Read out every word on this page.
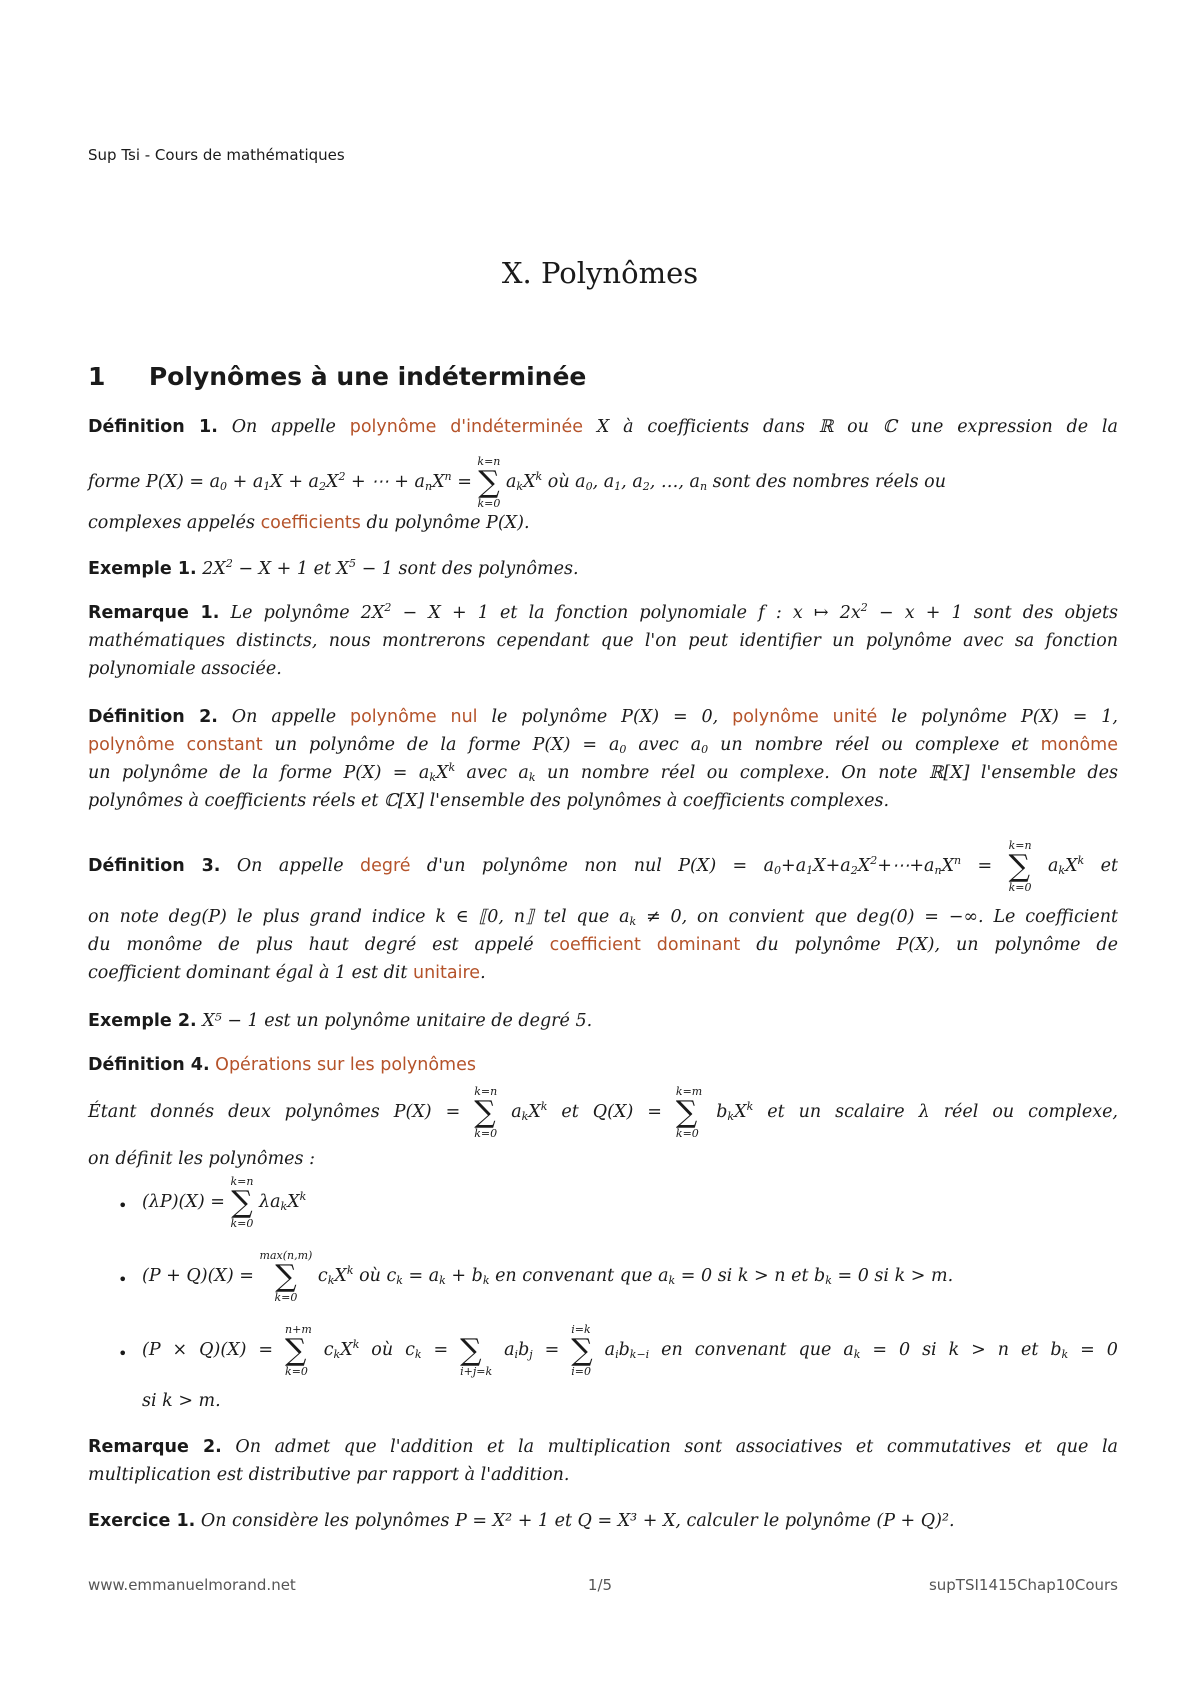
Sup Tsi - Cours de mathématiques
X. Polynômes
1 Polynômes à une indéterminée
Définition 1. On appelle polynôme d'indéterminée X à coefficients dans ℝ ou ℂ une expression de la
forme $P(X) = a_0 + a_1X + a_2X^2$ + ⋯ + $a_nX^n$ =
k=n
∑
k=0
$a_kX^k$ où $a_0$, $a_1$, $a_2$, …, $a_n$ sont des nombres réels ou
complexes appelés coefficients du polynôme P(X).
Exemple 1. $2X^2 - X + 1$ et $X^5 - 1$ sont des polynômes.
Remarque 1. Le polynôme $2X^2 - X + 1$ et la fonction polynomiale f : x ↦ $2x^2 - x + 1$ sont des objets
mathématiques distincts, nous montrerons cependant que l'on peut identifier un polynôme avec sa fonction
polynomiale associée.
Définition 2. On appelle polynôme nul le polynôme P(X) = 0, polynôme unité le polynôme P(X) = 1,
polynôme constant un polynôme de la forme $P(X) = a_0$ avec $a_0$ un nombre réel ou complexe et monôme
un polynôme de la forme $P(X) = a_kX^k$ avec $a_k$ un nombre réel ou complexe. On note ℝ[X] l'ensemble des
polynômes à coefficients réels et ℂ[X] l'ensemble des polynômes à coefficients complexes.
Définition 3. On appelle degré d'un polynôme non nul $P(X) = a_0+a_1X+a_2X^2+\cdots+a_nX^n$ =
k=n
∑
k=0
$a_kX^k$ et
on note deg(P) le plus grand indice k ∈ ⟦0, n⟧ tel que $a_k \ne 0$, on convient que deg(0) = −∞. Le coefficient
du monôme de plus haut degré est appelé coefficient dominant du polynôme P(X), un polynôme de
coefficient dominant égal à 1 est dit unitaire.
Exemple 2. X⁵ − 1 est un polynôme unitaire de degré 5.
Définition 4. Opérations sur les polynômes
Étant donnés deux polynômes P(X) =
k=n
∑
k=0
$a_kX^k$ et Q(X) =
k=m
∑
k=0
$b_kX^k$ et un scalaire λ réel ou complexe,
on définit les polynômes :
• (λP)(X) =
k=n
∑
k=0
$\lambda a_kX^k$
• (P + Q)(X) =
max(n,m)
∑
k=0
$c_kX^k$ où $c_k = a_k + b_k$ en convenant que $a_k = 0$ si k > n et $b_k = 0$ si k > m.
• (P × Q)(X) =
n+m
∑
k=0
$c_kX^k$ où $c_k$ =
∑
i+j=k
$a_ib_j$ =
i=k
∑
i=0
$a_ib_{k-i}$ en convenant que $a_k = 0$ si k > n et $b_k = 0$
si k > m.
Remarque 2. On admet que l'addition et la multiplication sont associatives et commutatives et que la
multiplication est distributive par rapport à l'addition.
Exercice 1. On considère les polynômes P = X² + 1 et Q = X³ + X, calculer le polynôme (P + Q)².
www.emmanuelmorand.net	1/5	supTSI1415Chap10Cours
